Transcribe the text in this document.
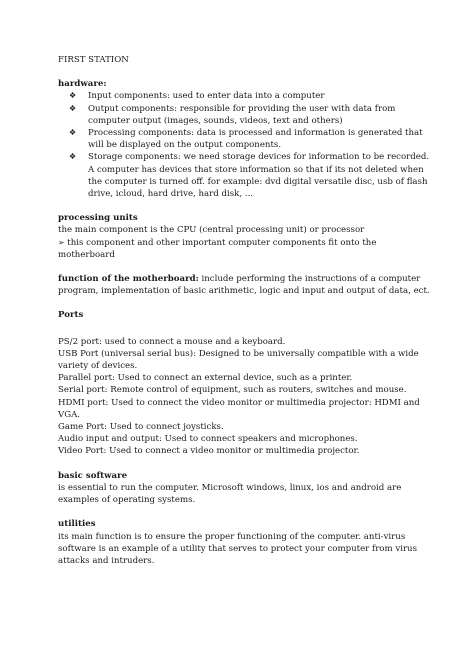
FIRST STATION
hardware:
❖ Input components: used to enter data into a computer
❖ Output components: responsible for providing the user with data from computer output (images, sounds, videos, text and others)
❖ Processing components: data is processed and information is generated that will be displayed on the output components.
❖ Storage components: we need storage devices for information to be recorded. A computer has devices that store information so that if its not deleted when the computer is turned off. for example: dvd digital versatile disc, usb of flash drive, icloud, hard drive, hard disk, ...
processing units
the main component is the CPU (central processing unit) or processor
➢ this component and other important computer components fit onto the motherboard
function of the motherboard: include performing the instructions of a computer program, implementation of basic arithmetic, logic and input and output of data, ect.
Ports
PS/2 port: used to connect a mouse and a keyboard.
USB Port (universal serial bus): Designed to be universally compatible with a wide variety of devices.
Parallel port: Used to connect an external device, such as a printer.
Serial port: Remote control of equipment, such as routers, switches and mouse.
HDMI port: Used to connect the video monitor or multimedia projector: HDMI and VGA.
Game Port: Used to connect joysticks.
Audio input and output: Used to connect speakers and microphones.
Video Port: Used to connect a video monitor or multimedia projector.
basic software
is essential to run the computer. Microsoft windows, linux, ios and android are examples of operating systems.
utilities
its main function is to ensure the proper functioning of the computer. anti-virus software is an example of a utility that serves to protect your computer from virus attacks and intruders.
